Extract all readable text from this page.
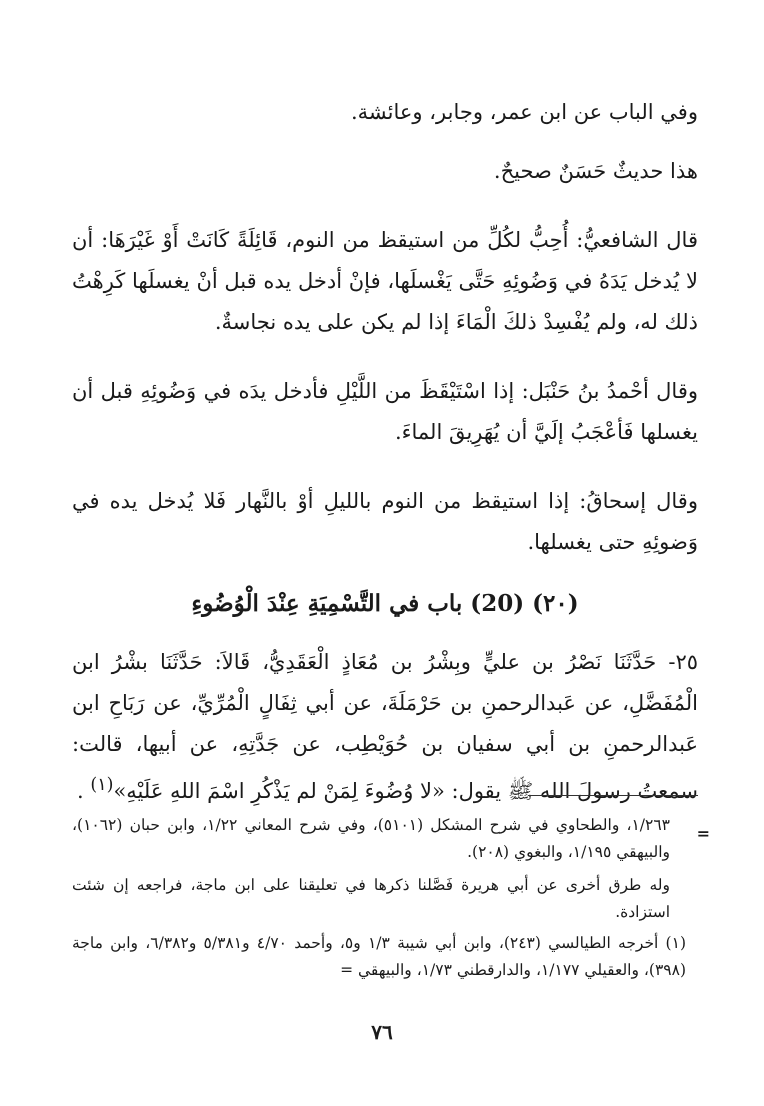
وفي الباب عن ابن عمر، وجابر، وعائشة.

هذا حديثٌ حَسَنٌ صحيحٌ.

قال الشافعيُّ: أُحِبُّ لكُلِّ من استيقظ من النوم، قَائِلَةً كَانَتْ أَوْ غَيْرَهَا: أن لا يُدخل يَدَهُ في وَضُوئِهِ حَتَّى يَغْسلَها، فإنْ أدخل يده قبل أنْ يغسلَها كَرِهْتُ ذلك له، ولم يُفْسِدْ ذلكَ الْمَاءَ إذا لم يكن على يده نجاسةٌ.

وقال أحْمدُ بنُ حَنْبَل: إذا اسْتَيْقَظَ من اللَّيْلِ فأدخل يدَه في وَضُوئِهِ قبل أن يغسلها فَأعْجَبُ إلَيَّ أن يُهَرِيقَ الماءَ.

وقال إسحاقُ: إذا استيقظ من النوم بالليلِ أوْ بالنَّهار فَلا يُدخل يده في وَضوئِهِ حتى يغسلها.

(٢٠) (20) باب في التَّسْمِيَةِ عِنْدَ الْوُضُوءِ

٢٥- حَدَّثَنَا نَصْرُ بن عليٍّ وبِشْرُ بن مُعَاذٍ الْعَقَدِيُّ، قَالاَ: حَدَّثَنَا بشْرُ ابن الْمُفَضَّلِ، عن عَبدالرحمنِ بن حَرْمَلَةَ، عن أبي ثِفَالٍ الْمُرِّيِّ، عن رَبَاحِ ابن عَبدالرحمنِ بن أبي سفيان بن حُوَيْطِب، عن جَدَّتِهِ، عن أبيها، قالت: سمعتُ رسولَ الله ﷺ يقول: «لا وُضُوءَ لِمَنْ لم يَذْكُرِ اسْمَ اللهِ عَلَيْهِ»$^{(١)}$ .

=

١/٢٦٣، والطحاوي في شرح المشكل (٥١٠١)، وفي شرح المعاني ١/٢٢، وابن حبان (١٠٦٢)، والبيهقي ١/١٩٥، والبغوي (٢٠٨).

وله طرق أخرى عن أبي هريرة فَصَّلنا ذكرها في تعليقنا على ابن ماجة، فراجعه إن شئت استزادة.

(١) أخرجه الطيالسي (٢٤٣)، وابن أبي شيبة ١/٣ و٥، وأحمد ٤/٧٠ و٥/٣٨١ و٦/٣٨٢، وابن ماجة (٣٩٨)، والعقيلي ١/١٧٧، والدارقطني ١/٧٣، والبيهقي =

٧٦
